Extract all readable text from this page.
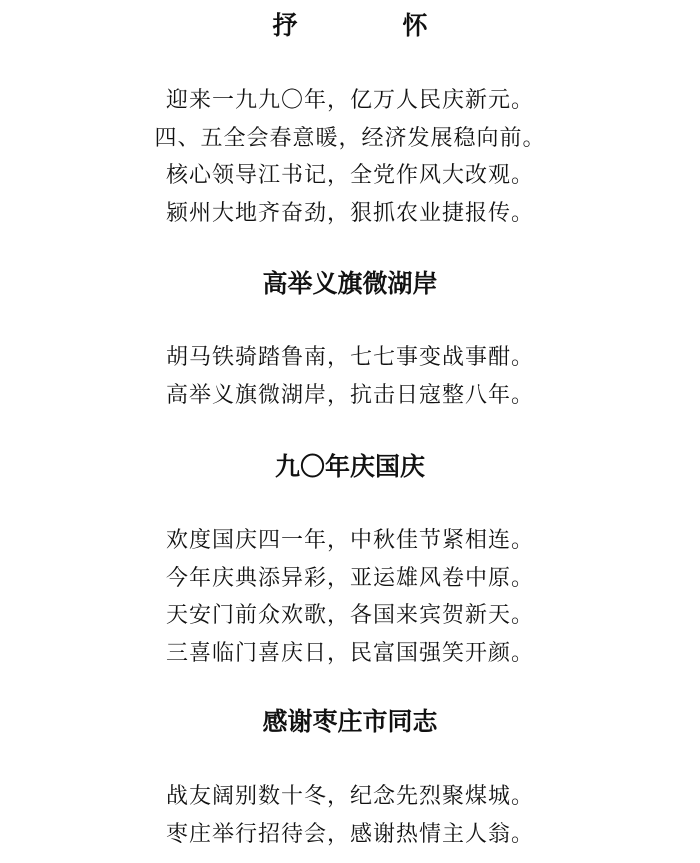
抒　怀
迎来一九九〇年，亿万人民庆新元。
四、五全会春意暖，经济发展稳向前。
核心领导江书记，全党作风大改观。
颍州大地齐奋劲，狠抓农业捷报传。
高举义旗微湖岸
胡马铁骑踏鲁南，七七事变战事酣。
高举义旗微湖岸，抗击日寇整八年。
九〇年庆国庆
欢度国庆四一年，中秋佳节紧相连。
今年庆典添异彩，亚运雄风卷中原。
天安门前众欢歌，各国来宾贺新天。
三喜临门喜庆日，民富国强笑开颜。
感谢枣庄市同志
战友阔别数十冬，纪念先烈聚煤城。
枣庄举行招待会，感谢热情主人翁。
